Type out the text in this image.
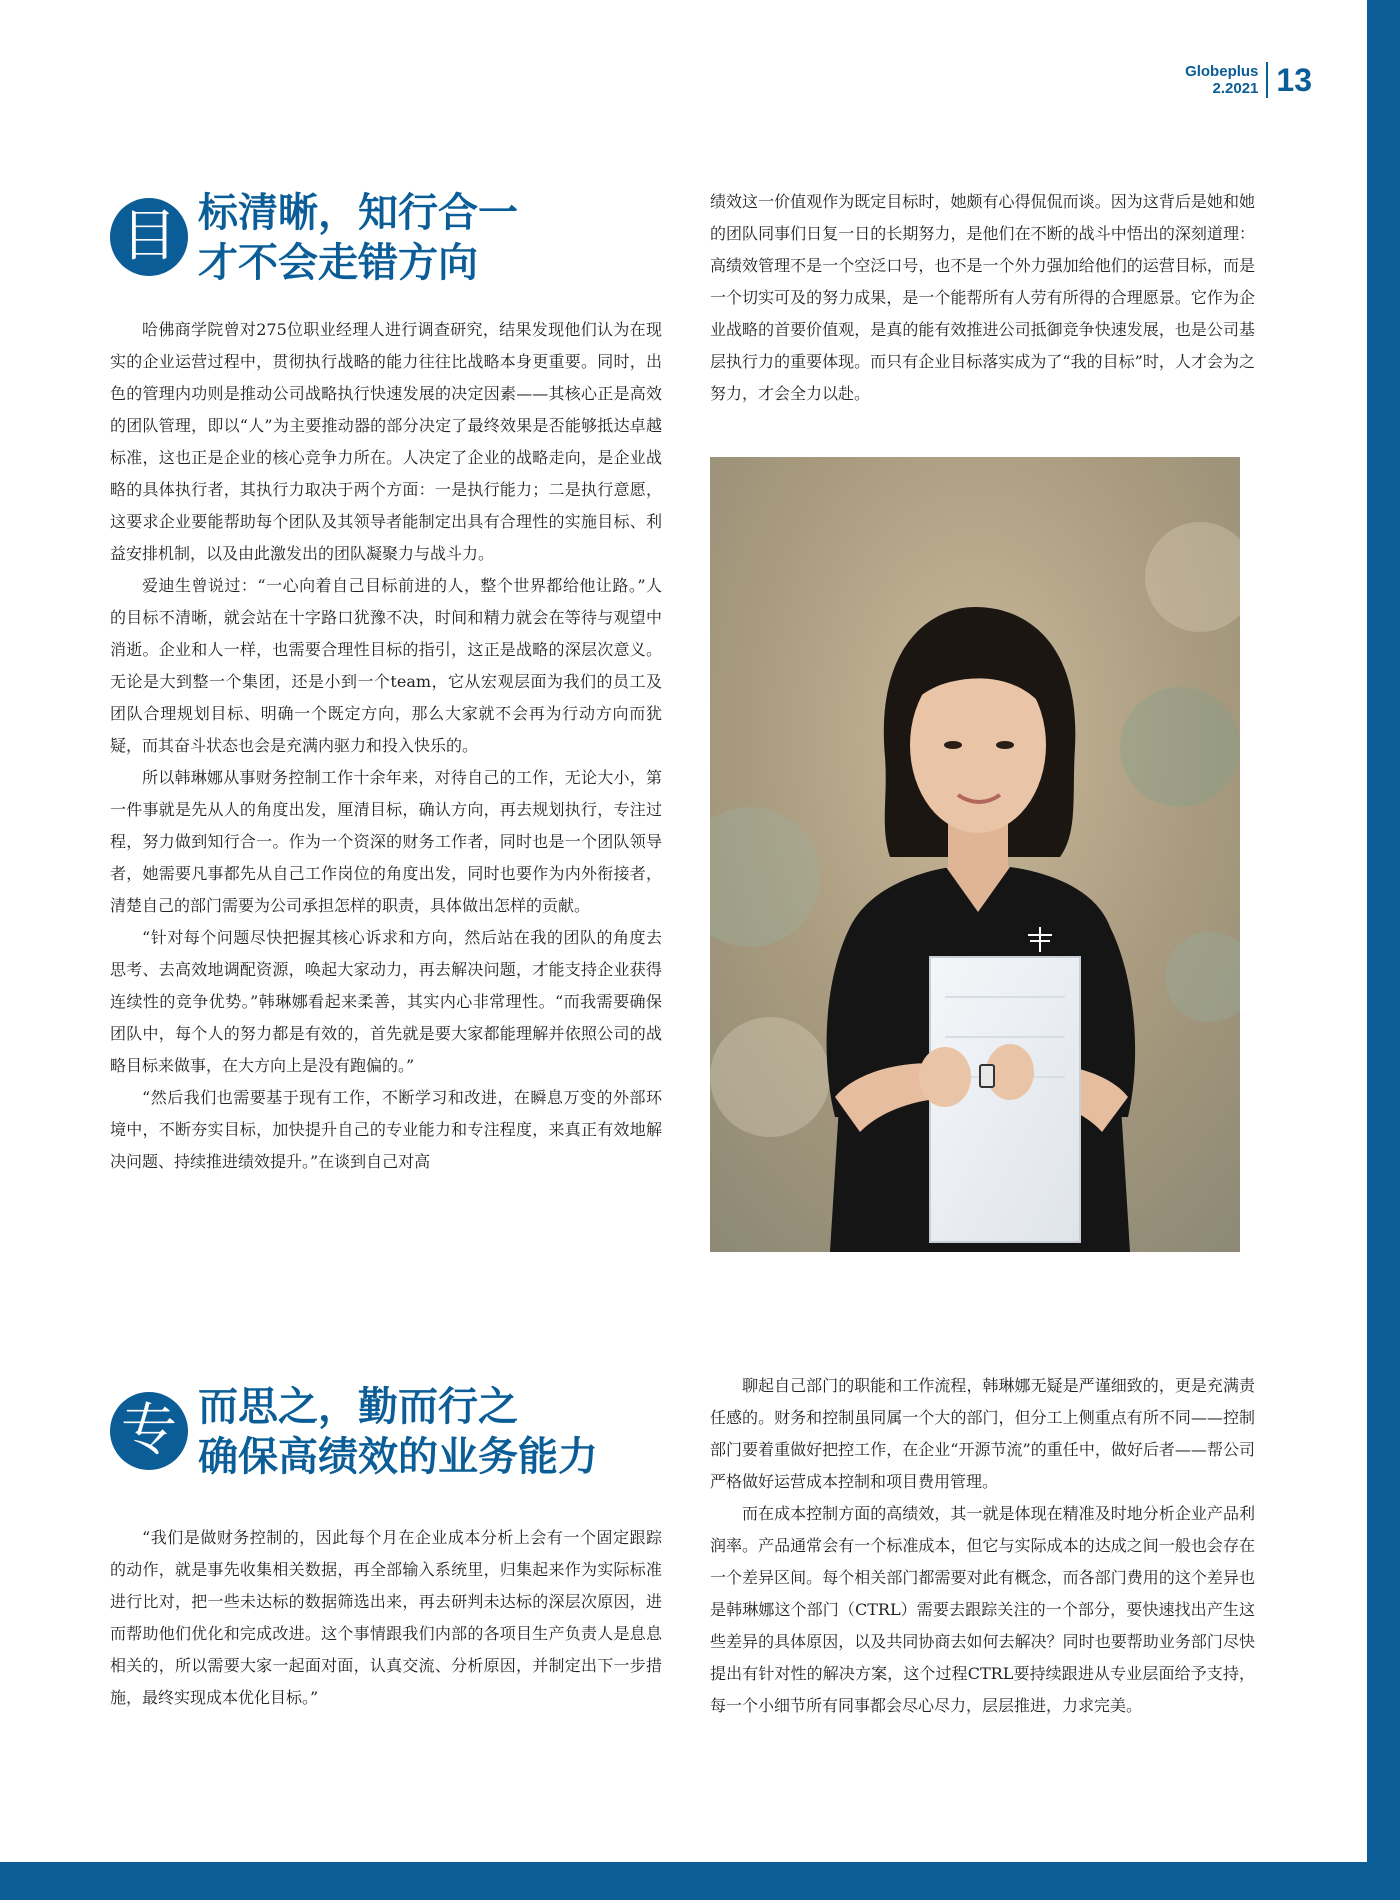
Globeplus
2.2021 13
目 标清晰，知行合一
才不会走错方向

哈佛商学院曾对275位职业经理人进行调查研究，结果发现他们认为在现实的企业运营过程中，贯彻执行战略的能力往往比战略本身更重要。同时，出色的管理内功则是推动公司战略执行快速发展的决定因素——其核心正是高效的团队管理，即以“人”为主要推动器的部分决定了最终效果是否能够抵达卓越标准，这也正是企业的核心竞争力所在。人决定了企业的战略走向，是企业战略的具体执行者，其执行力取决于两个方面：一是执行能力；二是执行意愿，这要求企业要能帮助每个团队及其领导者能制定出具有合理性的实施目标、利益安排机制，以及由此激发出的团队凝聚力与战斗力。

爱迪生曾说过：“一心向着自己目标前进的人，整个世界都给他让路。”人的目标不清晰，就会站在十字路口犹豫不决，时间和精力就会在等待与观望中消逝。企业和人一样，也需要合理性目标的指引，这正是战略的深层次意义。无论是大到整一个集团，还是小到一个team，它从宏观层面为我们的员工及团队合理规划目标、明确一个既定方向，那么大家就不会再为行动方向而犹疑，而其奋斗状态也会是充满内驱力和投入快乐的。

所以韩琳娜从事财务控制工作十余年来，对待自己的工作，无论大小，第一件事就是先从人的角度出发，厘清目标，确认方向，再去规划执行，专注过程，努力做到知行合一。作为一个资深的财务工作者，同时也是一个团队领导者，她需要凡事都先从自己工作岗位的角度出发，同时也要作为内外衔接者，清楚自己的部门需要为公司承担怎样的职责，具体做出怎样的贡献。

“针对每个问题尽快把握其核心诉求和方向，然后站在我的团队的角度去思考、去高效地调配资源，唤起大家动力，再去解决问题，才能支持企业获得连续性的竞争优势。”韩琳娜看起来柔善，其实内心非常理性。“而我需要确保团队中，每个人的努力都是有效的，首先就是要大家都能理解并依照公司的战略目标来做事，在大方向上是没有跑偏的。”

“然后我们也需要基于现有工作，不断学习和改进，在瞬息万变的外部环境中，不断夯实目标，加快提升自己的专业能力和专注程度，来真正有效地解决问题、持续推进绩效提升。”在谈到自己对高

绩效这一价值观作为既定目标时，她颇有心得侃侃而谈。因为这背后是她和她的团队同事们日复一日的长期努力，是他们在不断的战斗中悟出的深刻道理：高绩效管理不是一个空泛口号，也不是一个外力强加给他们的运营目标，而是一个切实可及的努力成果，是一个能帮所有人劳有所得的合理愿景。它作为企业战略的首要价值观，是真的能有效推进公司抵御竞争快速发展，也是公司基层执行力的重要体现。而只有企业目标落实成为了“我的目标”时，人才会为之努力，才会全力以赴。

专 而思之，勤而行之
确保高绩效的业务能力

“我们是做财务控制的，因此每个月在企业成本分析上会有一个固定跟踪的动作，就是事先收集相关数据，再全部输入系统里，归集起来作为实际标准进行比对，把一些未达标的数据筛选出来，再去研判未达标的深层次原因，进而帮助他们优化和完成改进。这个事情跟我们内部的各项目生产负责人是息息相关的，所以需要大家一起面对面，认真交流、分析原因，并制定出下一步措施，最终实现成本优化目标。”

聊起自己部门的职能和工作流程，韩琳娜无疑是严谨细致的，更是充满责任感的。财务和控制虽同属一个大的部门，但分工上侧重点有所不同——控制部门要着重做好把控工作，在企业“开源节流”的重任中，做好后者——帮公司严格做好运营成本控制和项目费用管理。

而在成本控制方面的高绩效，其一就是体现在精准及时地分析企业产品利润率。产品通常会有一个标准成本，但它与实际成本的达成之间一般也会存在一个差异区间。每个相关部门都需要对此有概念，而各部门费用的这个差异也是韩琳娜这个部门（CTRL）需要去跟踪关注的一个部分，要快速找出产生这些差异的具体原因，以及共同协商去如何去解决？同时也要帮助业务部门尽快提出有针对性的解决方案，这个过程CTRL要持续跟进从专业层面给予支持，每一个小细节所有同事都会尽心尽力，层层推进，力求完美。
